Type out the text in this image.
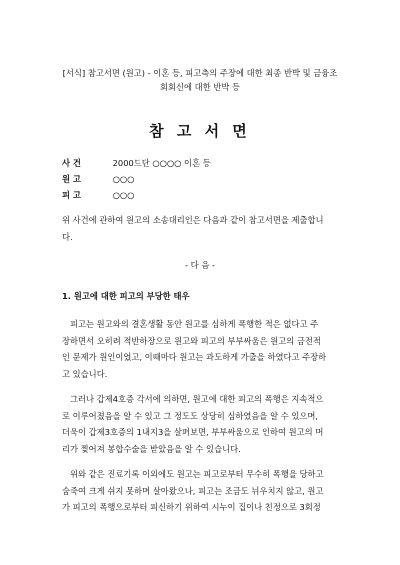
[서식] 참고서면 (원고) - 이혼 등, 피고측의 주장에 대한 최종 반박 및 금융조
회회신에 대한 반박 등
참 고 서 면
사 건	2000드단 ○○○○ 이혼 등
원 고	○○○
피 고	○○○
위 사건에 관하여 원고의 소송대리인은 다음과 같이 참고서면을 제출합니
다.
- 다 음 -
1. 원고에 대한 피고의 부당한 태우
피고는 원고와의 결혼생활 동안 원고를 심하게 폭행한 적은 없다고 주
장하면서 오히려 적반하장으로 원고와 피고의 부부싸움은 원고의 금전적
인 문제가 원인이었고, 이때마다 원고는 과도하게 가출을 하였다고 주장하
고 있습니다.
그러나 갑제4호증 각서에 의하면, 원고에 대한 피고의 폭행은 지속적으
로 이루어졌음을 알 수 있고 그 정도도 상당히 심하였음을 알 수 있으며,
더욱이 갑제3호증의 1내지3을 살펴보면, 부부싸움으로 인하여 원고의 머
리가 찢어져 봉합수술을 받았음을 알 수 있습니다.
위와 같은 진료기록 이외에도 원고는 피고로부터 무수히 폭행을 당하고
숨죽여 크게 쉬지 못하며 살아왔으나, 피고는 조금도 뉘우치지 않고, 원고
가 피고의 폭행으로부터 피신하기 위하여 시누이 집이나 친정으로 3회정
